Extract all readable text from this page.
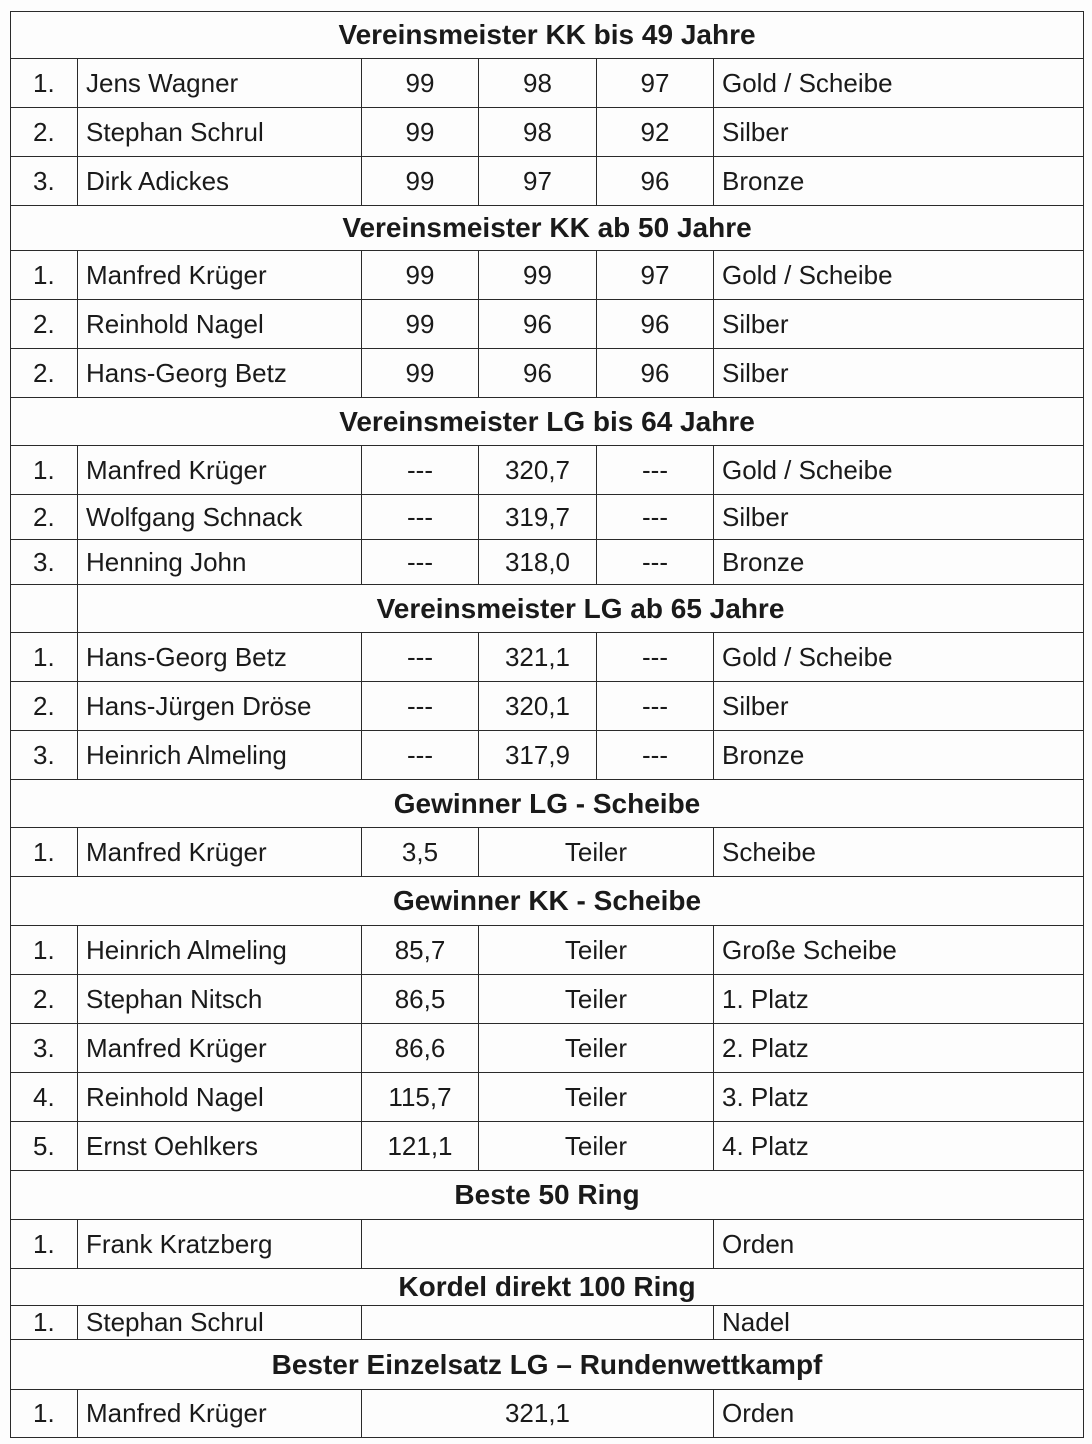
Vereinsmeister KK bis 49 Jahre					
1.	Jens Wagner	99	98	97	Gold / Scheibe
2.	Stephan Schrul	99	98	92	Silber
3.	Dirk Adickes	99	97	96	Bronze
Vereinsmeister KK ab 50 Jahre					
1.	Manfred Krüger	99	99	97	Gold / Scheibe
2.	Reinhold Nagel	99	96	96	Silber
2.	Hans-Georg Betz	99	96	96	Silber
Vereinsmeister LG bis 64 Jahre					
1.	Manfred Krüger	---	320,7	---	Gold / Scheibe
2.	Wolfgang Schnack	---	319,7	---	Silber
3.	Henning John	---	318,0	---	Bronze
	Vereinsmeister LG ab 65 Jahre				
1.	Hans-Georg Betz	---	321,1	---	Gold / Scheibe
2.	Hans-Jürgen Dröse	---	320,1	---	Silber
3.	Heinrich Almeling	---	317,9	---	Bronze
Gewinner LG - Scheibe					
1.	Manfred Krüger	3,5	Teiler		Scheibe
Gewinner KK - Scheibe					
1.	Heinrich Almeling	85,7	Teiler		Große Scheibe
2.	Stephan Nitsch	86,5	Teiler		1. Platz
3.	Manfred Krüger	86,6	Teiler		2. Platz
4.	Reinhold Nagel	115,7	Teiler		3. Platz
5.	Ernst Oehlkers	121,1	Teiler		4. Platz
Beste 50 Ring					
1.	Frank Kratzberg				Orden
Kordel direkt 100 Ring					
1.	Stephan Schrul				Nadel
Bester Einzelsatz LG – Rundenwettkampf					
1.	Manfred Krüger	321,1			Orden
